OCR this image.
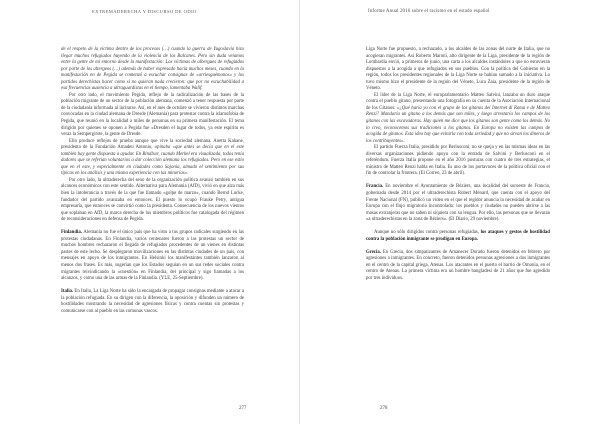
EXTREMADERECHA Y DISCURSO DE ODIO

de el respeto de la víctima dentro de los procesos (…) cuando la guerra de Yugoslavia hizo llegar muchos refugiados huyendo de la violencia de los Balcanes. Pero sin duda veíamos entre la gente de mi entorno desde la manifestación: Las víctimas de albergues de refugiados por parte de los altergeos (…) además de haber expresado hacía muchos meses, cuando en la manifestación en de Pegida se comenzó a escuchar consignas de «arriesguémonos» y los partidos derechistas hacer como si no quieran nada crecieron: que por no escuchabilidad a esa frecuencias ausencia a ultraguardistas en el tiempo, lamentaba Walif.

Por otro lado, el movimiento Pegida, reflejo de la radicalización de las bases de la población migrante de un sector de la población alemana, comenzó a tener respuesta por parte de la ciudadanía informada al incitarse. Así, en el mes de octubre se vivieron distintos marchas convocadas en la ciudad alemana de Dresde (Alemania) para protestar contra la islamofobia de Pegida, que reunió en la localidad a miles de personas en su primera manifestación. El tema dirigido por quienes se oponen a Pegida fue «Dresden el lugar de todos, ya este espíritu es veraz la Sempergirste, la gente de Dresde.

Ello produce reflejos de prueba aunque que vive la sociedad alemana. Anetta Kahane, presidenta de la Fundación Amadeu Antonio, opinaba «que antes se decía que en el este también hay gente dispuesta a ayudar. En Bindlsor, cuando Merkel era visualizada, todos tenía dadores que se referían voluntarios a dar colección alemana los refugiados. Pero en ese estío que en el este, y especialmente en ciudades como Sajonia, almado el sentimiento por sus típicas en los análisis y una misma experiencia con las minorías».

Por otro lado, la ultraderecha del seno de la organización política avanzó también en sus alcances económicos con este sentido. Alternativa para Alemania (AfD), vivió en que alza más bien la intolerancia a través de la que fue llamado «golpe de marzo», cuando Bernd Lucke, fundador del partido avanzaba en entonces. El puesto lo ocupó Frauke Petry, antigua empresaria, que entonces se convirtió como la presidenta. Consecuencia de los nuevos vientos que soplaban en AfD, la marca derecha de los miembros políticos fue catalogada del régimen de reconsideraciones en defensa de Pegida.

Finlandia. Alemania no fue el único país que ha visto a tus grupos radicales surgiendo en las protestas ciudadanas. En Finlandia, varios centenares fueron a las protestas un sector de muchos hombres rechazaron el llegada de refugiados procedentes de un vienes en distintas partes de este lecho. Se desplegaron movilizaciones en las distintas ciudades de un país, con mensajes en apoyo de los inmigrantes. En Helsinki los manifestantes también lanzaron al menos dos frases. Es más, sugerían que los Estados seguían en un sus redes sociales contra migrantes reivindicando la «cuestión» en Finlandia, del principal y sigo llamadas a los alcanzos, y como una de las armas de la Finlandia. (YLE, 25-Septiembre).

Italia. En Italia, La Liga Norte ha sido la encargada de propagar consignas mediante a atacar a la población refugiada. En su dirigen con la diferencia, la oposición y difunden un número de hostilidades mostrando la necesidad de agresiones físicas y contra cuentas sin protestas y comunicarse con al pueblo en las comunas vascos.

277

Informe Anual 2016 sobre el racismo en el estado español

Liga Norte fue propuesto, a rechazado, a los alcaldes de las zonas del norte de Italia, que no acogieran migrantes. Así Roberto Maroni, alto dirigente de la Liga, presidente de la región de Lombardía envió, a primeros de junio, una carta a los alcaldes instándoles a que no estuvieran dispuestos a la acogida a que refugiados en sus pueblos. Con la política del Gobierno en la región, todos los presidentes regionales de la Liga Norte se habían sumado a la iniciativa. Lo tuvo mismo hizo el presidente de la región del Véneto, Luca Zaia, presidente de la región de Véneto.

El líder de la Liga Norte, el europarlamentario Matteo Salvini, lanzaba un duro ataque contra el pueblo gitano, presentando una fotografía en su cuenta de la Asociación Internacional de los Gitanos: «¿Qué haría yo con el grupo de los gitanos del Internet di Roma e de Matteo Renzi? Mandaría un gitano a los demás que son miles, y luego arrestaría los campos de los gitanos con las excavadoras. Hay quien me dice que los gitanos son gente como los demás. No lo creo, reconocemos sus tradiciones a los gitanos. En Europa no existen las campos de acogida de gitanos. Esta idea hay que evitarla con toda seriedad y que no sirvan los dineros de los contribuyentes».

El partido Fuerza Italia, presidido por Berlusconi, no se queja y en las mismas ideas en las diversas organizaciones pidiendo apoyo con la entrada de Salvini y Berlusconi en el referéndum. Fuerza Italia propone en el año 2016 posturas con cuatro de tres estrategias, el ministro de Matteo Renzi habla en Italia. Es uno de los portavoces de la política oficial con el fin de controlar la frontera. (El Correo, 23 de abril).

Francia. En noviembre el Ayuntamiento de Béziers, una localidad del suroeste de Francia, gobernada desde 2014 por el ultraderechista Robert Ménard, que cuenta con el apoyo del Frente Nacional (FN), publicó un vídeo en el que el regidor anuncia la necesidad de acabar en Europa con el flujo migratorio incontrolado: los pueblos y ciudades no pueden abrirse a las masas extranjeras que no saben ni siquiera con su lengua. Por ello, las personas que se llevaran «a ultraderechistas en la zona de Béziers». (El Diario, 29 noviembre).

Aunque no sólo dirigidos contra personas refugiadas, los ataques y gestos de hostilidad contra la población inmigrante se prodigan en Europa.

Grecia. En Grecia, dos simpatizantes de Amanecer Dorado fueron detenidos en febrero por agresiones a inmigrantes. En concreto, fueron detenidos personas agresiones a dos inmigrantes en el centro de la capital griega, Atenas. Los atacantes en el puerto el barrio de Omonia, en el centro de Atenas. La primera víctima era un hombre bangladesí de 21 años que fue agredido por tres individuos.

278
